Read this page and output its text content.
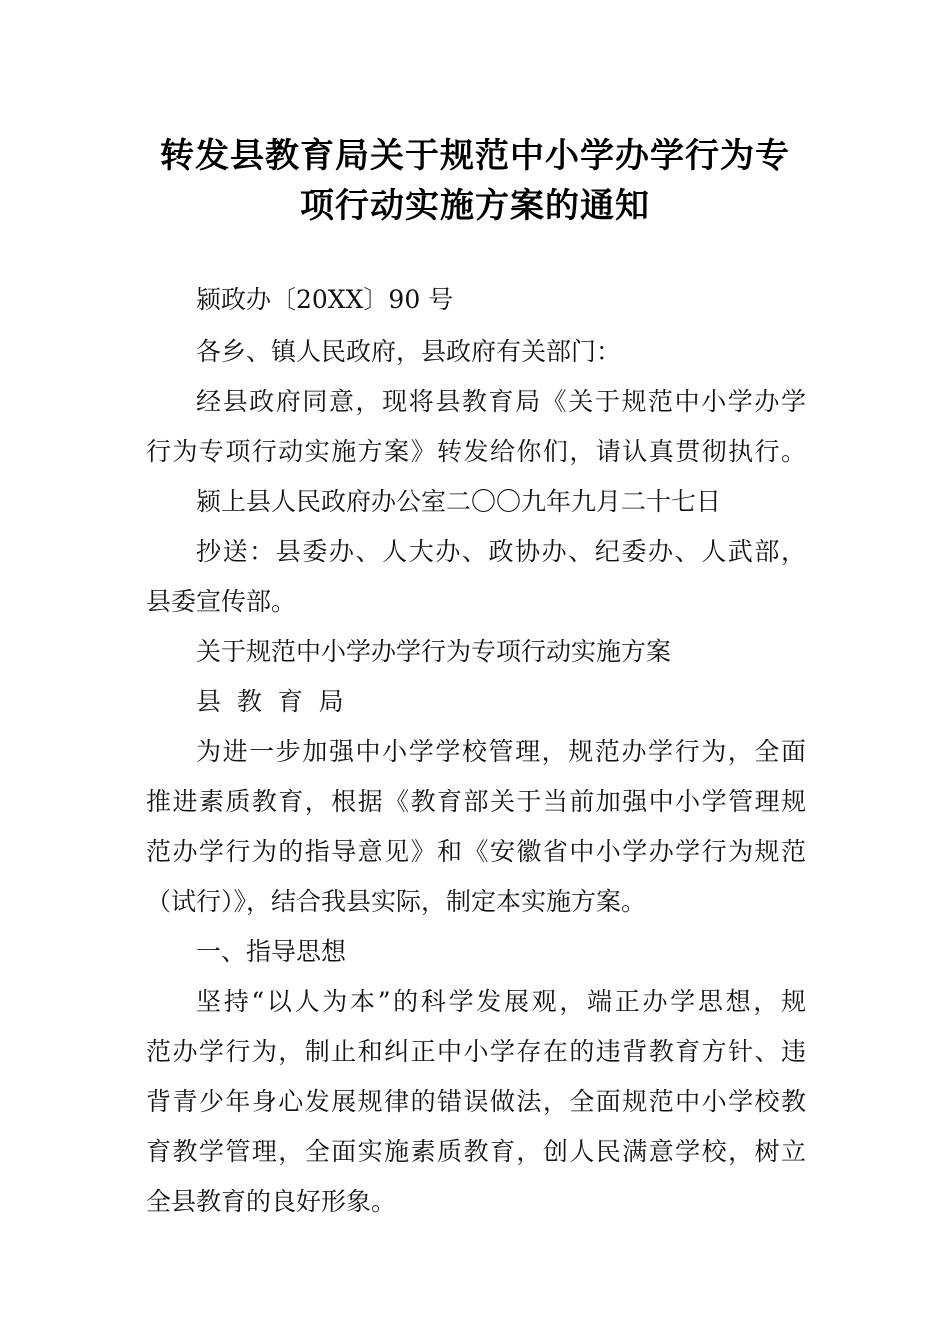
转发县教育局关于规范中小学办学行为专
项行动实施方案的通知
颍政办〔20XX〕90 号
各乡、镇人民政府，县政府有关部门：
经县政府同意，现将县教育局《关于规范中小学办学
行为专项行动实施方案》转发给你们，请认真贯彻执行。
颍上县人民政府办公室二〇〇九年九月二十七日
抄送：县委办、人大办、政协办、纪委办、人武部，
县委宣传部。
关于规范中小学办学行为专项行动实施方案
县  教  育  局
为进一步加强中小学学校管理，规范办学行为，全面
推进素质教育，根据《教育部关于当前加强中小学管理规
范办学行为的指导意见》和《安徽省中小学办学行为规范
（试行）》，结合我县实际，制定本实施方案。
一、指导思想
坚持“以人为本”的科学发展观，端正办学思想，规
范办学行为，制止和纠正中小学存在的违背教育方针、违
背青少年身心发展规律的错误做法，全面规范中小学校教
育教学管理，全面实施素质教育，创人民满意学校，树立
全县教育的良好形象。
